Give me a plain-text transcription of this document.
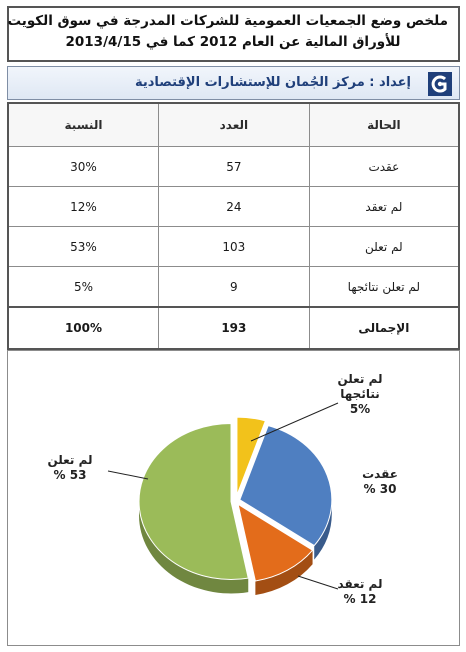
ملخص وضع الجمعيات العمومية للشركات المدرجة في سوق الكويت
للأوراق المالية عن العام 2012 كما في 2013/4/15
إعداد : مركز الجُمان للإستشارات الإقتصادية
النسبة	العدد	الحالة
30%	57	عقدت
12%	24	لم تعقد
53%	103	لم تعلن
5%	9	لم تعلن نتائجها
100%	193	الإجمالى
لم تعلن
نتائجها
5%
عقدت
30 %
لم تعقد
12 %
لم تعلن
53 %
